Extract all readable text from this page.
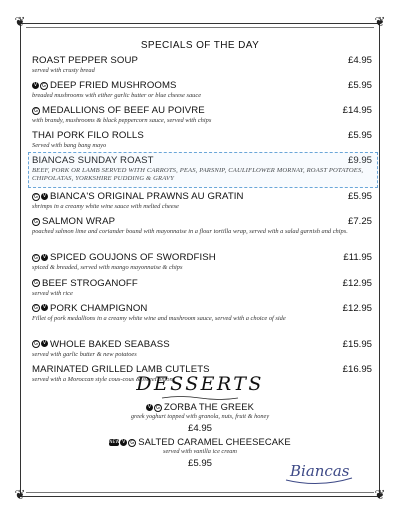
❦	❦
❦	❦
SPECIALS OF THE DAY
ROAST PEPPER SOUP	£4.95
served with crusty bread
V G DEEP FRIED MUSHROOMS	£5.95
breaded mushrooms with either garlic butter or blue cheese sauce
G MEDALLIONS OF BEEF AU POIVRE	£14.95
with brandy, mushrooms & black peppercorn sauce, served with chips
THAI PORK FILO ROLLS	£5.95
Served with bang bang mayo
BIANCAS SUNDAY ROAST	£9.95
BEEF, PORK OR LAMB SERVED WITH CARROTS, PEAS, PARSNIP, CAULIFLOWER MORNAY, ROAST POTATOES, CHIPOLATAS, YORKSHIRE PUDDING & GRAVY
G V BIANCA'S ORIGINAL PRAWNS AU GRATIN	£5.95
shrimps in a creamy white wine sauce with melted cheese
G SALMON WRAP	£7.25
poached salmon lime and coriander bound with mayonnaise in a flour tortilla wrap, served with a salad garnish and chips.
G V SPICED GOUJONS OF SWORDFISH	£11.95
spiced & breaded, served with mango mayonnaise & chips
G BEEF STROGANOFF	£12.95
served with rice
G V PORK CHAMPIGNON	£12.95
Fillet of pork medallions in a creamy white wine and mushroom sauce, served with a choice of side
G V WHOLE BAKED SEABASS	£15.95
served with garlic butter & new potatoes
MARINATED GRILLED LAMB CUTLETS	£16.95
served with a Moroccan style cous-cous & sweet onions
DESSERTS
V G ZORBA THE GREEK
greek yoghurt topped with granola, nuts, fruit & honey
£4.95
NEW V G SALTED CARAMEL CHEESECAKE
served with vanilla ice cream
£5.95	Biancas
